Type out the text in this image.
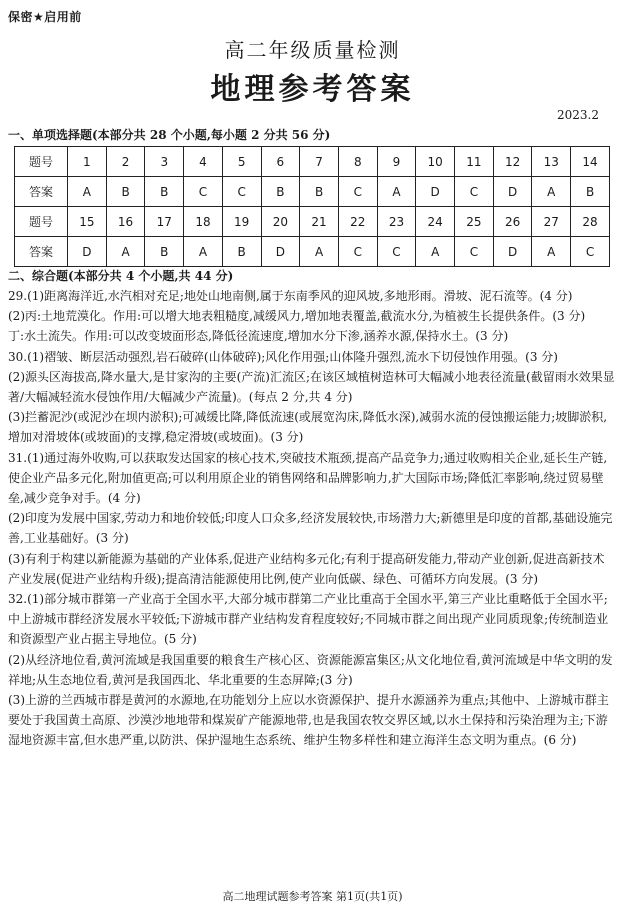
保密★启用前
高二年级质量检测
地理参考答案
2023.2
一、单项选择题(本部分共 28 个小题,每小题 2 分共 56 分)
题号	1	2	3	4	5	6	7	8	9	10	11	12	13	14
答案	A	B	B	C	C	B	B	C	A	D	C	D	A	B
题号	15	16	17	18	19	20	21	22	23	24	25	26	27	28
答案	D	A	B	A	B	D	A	C	C	A	C	D	A	C
二、综合题(本部分共 4 个小题,共 44 分)

29.(1)距离海洋近,水汽相对充足;地处山地南侧,属于东南季风的迎风坡,多地形雨。滑坡、泥石流等。(4 分)

(2)丙:土地荒漠化。作用:可以增大地表粗糙度,减缓风力,增加地表覆盖,截流水分,为植被生长提供条件。(3 分)

丁:水土流失。作用:可以改变坡面形态,降低径流速度,增加水分下渗,涵养水源,保持水土。(3 分)

30.(1)褶皱、断层活动强烈,岩石破碎(山体破碎);风化作用强;山体隆升强烈,流水下切侵蚀作用强。(3 分)

(2)源头区海拔高,降水量大,是甘家沟的主要(产流)汇流区;在该区域植树造林可大幅减小地表径流量(截留雨水效果显著/大幅减轻流水侵蚀作用/大幅减少产流量)。(每点 2 分,共 4 分)

(3)拦蓄泥沙(或泥沙在坝内淤积);可减缓比降,降低流速(或展宽沟床,降低水深),减弱水流的侵蚀搬运能力;坡脚淤积,增加对滑坡体(或坡面)的支撑,稳定滑坡(或坡面)。(3 分)

31.(1)通过海外收购,可以获取发达国家的核心技术,突破技术瓶颈,提高产品竞争力;通过收购相关企业,延长生产链,使企业产品多元化,附加值更高;可以利用原企业的销售网络和品牌影响力,扩大国际市场;降低汇率影响,绕过贸易壁垒,减少竞争对手。(4 分)

(2)印度为发展中国家,劳动力和地价较低;印度人口众多,经济发展较快,市场潜力大;新德里是印度的首都,基础设施完善,工业基础好。(3 分)

(3)有利于构建以新能源为基础的产业体系,促进产业结构多元化;有利于提高研发能力,带动产业创新,促进高新技术产业发展(促进产业结构升级);提高清洁能源使用比例,使产业向低碳、绿色、可循环方向发展。(3 分)

32.(1)部分城市群第一产业高于全国水平,大部分城市群第二产业比重高于全国水平,第三产业比重略低于全国水平;中上游城市群经济发展水平较低;下游城市群产业结构发育程度较好;不同城市群之间出现产业同质现象;传统制造业和资源型产业占据主导地位。(5 分)

(2)从经济地位看,黄河流域是我国重要的粮食生产核心区、资源能源富集区;从文化地位看,黄河流域是中华文明的发祥地;从生态地位看,黄河是我国西北、华北重要的生态屏障;(3 分)

(3)上游的兰西城市群是黄河的水源地,在功能划分上应以水资源保护、提升水源涵养为重点;其他中、上游城市群主要处于我国黄土高原、沙漠沙地地带和煤炭矿产能源地带,也是我国农牧交界区域,以水土保持和污染治理为主;下游湿地资源丰富,但水患严重,以防洪、保护湿地生态系统、维护生物多样性和建立海洋生态文明为重点。(6 分)

高二地理试题参考答案 第1页(共1页)
